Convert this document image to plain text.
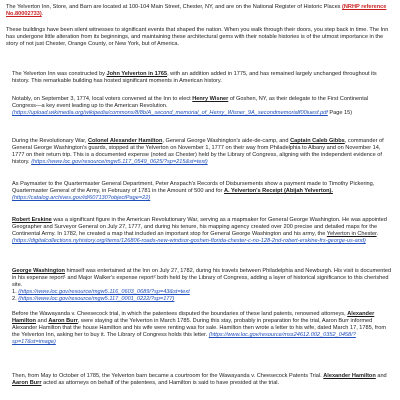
The Yelverton Inn, Store, and Barn are located at 100-104 Main Street, Chester, NY, and are on the National Register of Historic Places (NRHP reference No.80002733).

These buildings have been silent witnesses to significant events that shaped the nation. When you walk through their doors, you step back in time. The Inn has undergone little alteration from its beginnings, and maintaining these architectural gems with their notable histories is of the utmost importance in the story of not just Chester, Orange County, or New York, but of America.

The Yelverton Inn was constructed by John Yelverton in 1765, with an addition added in 1775, and has remained largely unchanged throughout its history. This remarkable building has hosted significant moments in American history.

Notably, on September 3, 1774, local voters convened at the Inn to elect Henry Wisner of Goshen, NY, as their delegate to the First Continental Congress—a key event leading up to the American Revolution. (https://upload.wikimedia.org/wikipedia/commons/8/8b/A_second_memorial_of_Henry_Wisner_9A_secondmemorialf00iuesf.pdf Page 15)

During the Revolutionary War, Colonel Alexander Hamilton, General George Washington's aide-de-camp, and Captain Caleb Gibbs, commander of General George Washington's guards, stopped at the Yelverton on November 1, 1777 on their way from Philadelphia to Albany and on November 14, 1777 on their return trip. This is a documented expense (noted as Chester) held by the Library of Congress, aligning with the independent evidence of history. (https://www.loc.gov/resource/mgw5.117_0549_0625/?sp=215&st=text)

As Paymaster to the Quartermaster General Department, Peter Anspach's Records of Disbursements show a payment made to Timothy Pickering, Quartermaster General of the Army, in February of 1781 in the Amount of 500 and for A. Yelverton's Receipt (Abijah Yelverton). (https://catalog.archives.gov/id/607130?objectPage=22)

Robert Erskine was a significant figure in the American Revolutionary War, serving as a mapmaker for General George Washington. He was appointed Geographer and Surveyor General on July 27, 1777, and during his tenure, his mapping agency created over 200 precise and detailed maps for the Continental Army. In 1782, he created a map that included an important stop for General George Washington and his army, the Yelverton in Chester. (https://digitalcollections.nyhistory.org/items/126806-roads-new-windsor-goshen-florida-chester-c-no-128-2nd-robert-erskine-frs-george-us-and)

George Washington himself was entertained at the Inn on July 27, 1782, during his travels between Philadelphia and Newburgh. His visit is documented in his expense report¹ and Major Walker's expense report² both held by the Library of Congress, adding a layer of historical significance to this cherished site.
1. (https://www.loc.gov/resource/mgw5.116_0603_0689/?sp=43&st=text
2. (https://www.loc.gov/resource/mgw5.117_0001_0222/?sp=177)

Before the Wawayanda v. Cheesecock trial, in which the patentees disputed the boundaries of these land patents, renowned attorneys, Alexander Hamilton and Aaron Burr, were staying at the Yelverton in March 1785. During this stay, probably in preparation for the trial, Aaron Burr informed Alexander Hamilton that the house Hamilton and his wife were renting was for sale. Hamilton then wrote a letter to his wife, dated March 17, 1785, from the Yelverton Inn, asking her to buy it. The Library of Congress holds this letter. (https://www.loc.gov/resource/mss24612.002_0352_0458/?sp=17&st=image)

Then, from May to October of 1785, the Yelverton barn became a courtroom for the Wawayanda v. Cheesecock Patents Trial. Alexander Hamilton and Aaron Burr acted as attorneys on behalf of the patentees, and Hamilton is said to have presided at the trial.
